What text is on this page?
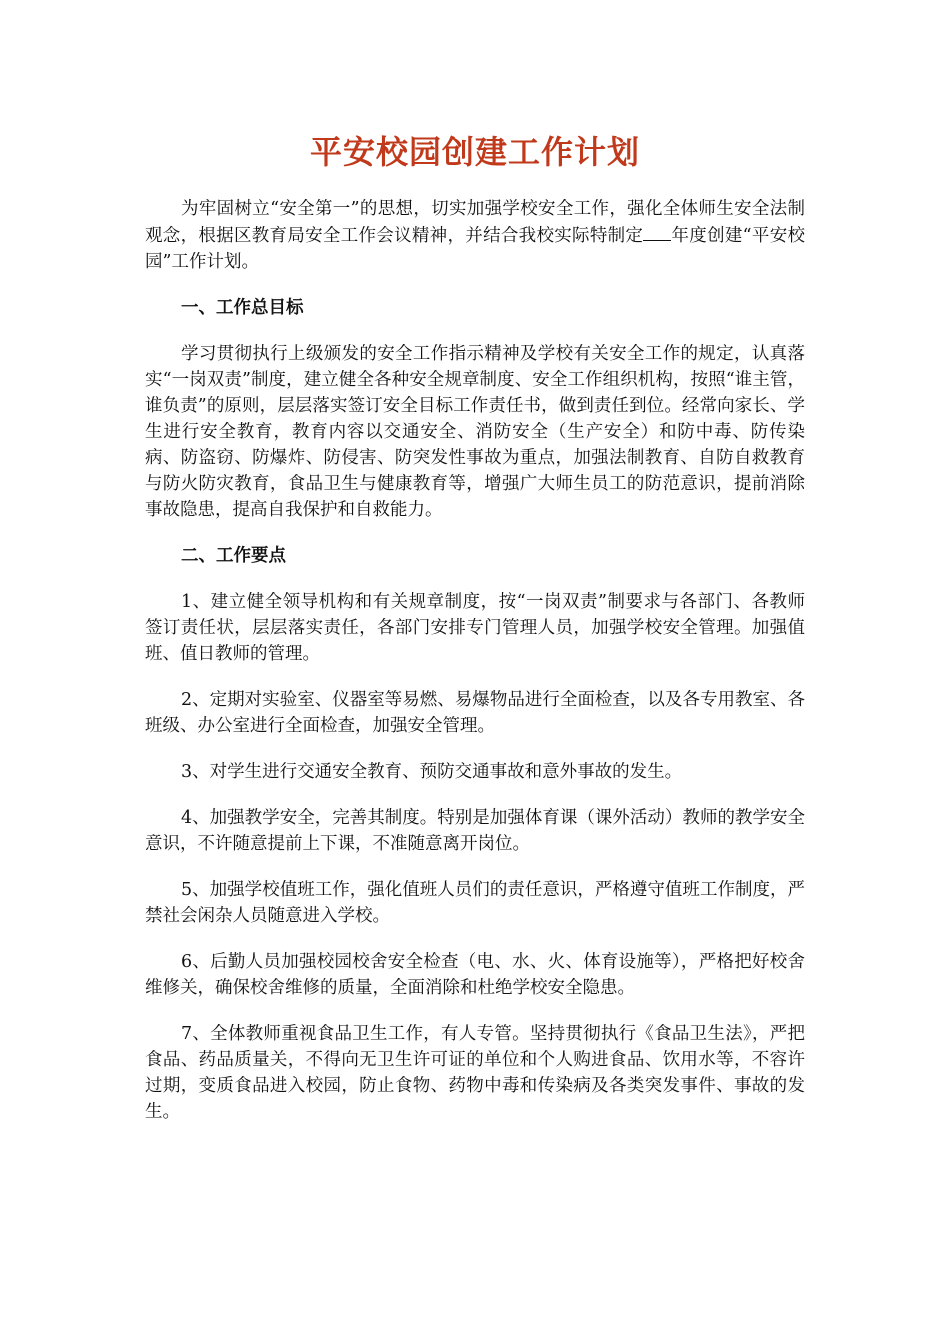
平安校园创建工作计划

为牢固树立“安全第一”的思想，切实加强学校安全工作，强化全体师生安全法制观念，根据区教育局安全工作会议精神，并结合我校实际特制定 年度创建“平安校园”工作计划。

一、工作总目标

学习贯彻执行上级颁发的安全工作指示精神及学校有关安全工作的规定，认真落实“一岗双责”制度，建立健全各种安全规章制度、安全工作组织机构，按照“谁主管，谁负责”的原则，层层落实签订安全目标工作责任书，做到责任到位。经常向家长、学生进行安全教育，教育内容以交通安全、消防安全（生产安全）和防中毒、防传染病、防盗窃、防爆炸、防侵害、防突发性事故为重点，加强法制教育、自防自救教育与防火防灾教育，食品卫生与健康教育等，增强广大师生员工的防范意识，提前消除事故隐患，提高自我保护和自救能力。

二、工作要点

1、建立健全领导机构和有关规章制度，按“一岗双责”制要求与各部门、各教师签订责任状，层层落实责任，各部门安排专门管理人员，加强学校安全管理。加强值班、值日教师的管理。

2、定期对实验室、仪器室等易燃、易爆物品进行全面检查，以及各专用教室、各班级、办公室进行全面检查，加强安全管理。

3、对学生进行交通安全教育、预防交通事故和意外事故的发生。

4、加强教学安全，完善其制度。特别是加强体育课（课外活动）教师的教学安全意识，不许随意提前上下课，不准随意离开岗位。

5、加强学校值班工作，强化值班人员们的责任意识，严格遵守值班工作制度，严禁社会闲杂人员随意进入学校。

6、后勤人员加强校园校舍安全检查（电、水、火、体育设施等），严格把好校舍维修关，确保校舍维修的质量，全面消除和杜绝学校安全隐患。

7、全体教师重视食品卫生工作，有人专管。坚持贯彻执行《食品卫生法》，严把食品、药品质量关，不得向无卫生许可证的单位和个人购进食品、饮用水等，不容许过期，变质食品进入校园，防止食物、药物中毒和传染病及各类突发事件、事故的发生。
